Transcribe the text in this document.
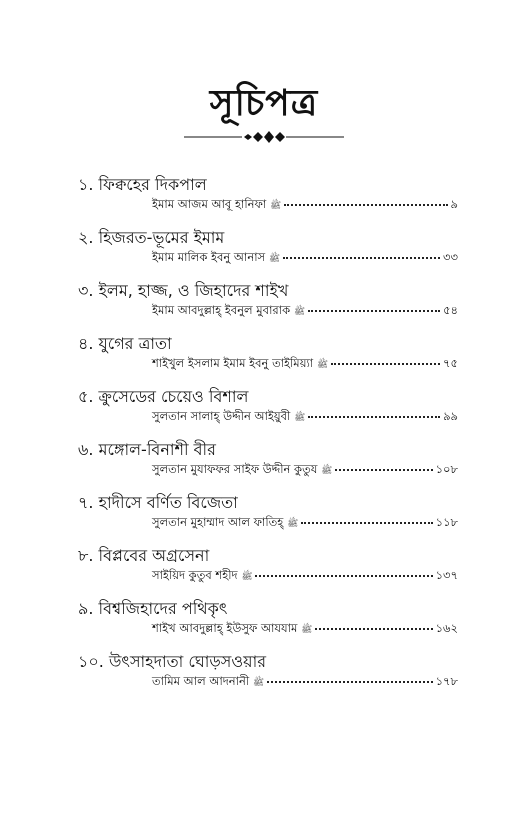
সূচিপত্র
১. ফিক্বহের দিকপাল
ইমাম আজম আবূ হানিফা ﷺ	৯
২. হিজরত-ভূমের ইমাম
ইমাম মালিক ইবনু আনাস ﷺ	৩৩
৩. ইলম, হাজ্জ, ও জিহাদের শাইখ
ইমাম আবদুল্লাহ্ ইবনুল মুবারাক ﷺ	৫৪
৪. যুগের ত্রাতা
শাইখুল ইসলাম ইমাম ইবনু তাইমিয়্যা ﷺ	৭৫
৫. ক্রুসেডের চেয়েও বিশাল
সুলতান সালাহ্ উদ্দীন আইয়ুবী ﷺ	৯৯
৬. মঙ্গোল-বিনাশী বীর
সুলতান মুযাফফর সাইফ উদ্দীন কুতুয ﷺ	১০৮
৭. হাদীসে বর্ণিত বিজেতা
সুলতান মুহাম্মাদ আল ফাতিহ্ ﷺ	১১৮
৮. বিপ্লবের অগ্রসেনা
সাইয়িদ কুতুব শহীদ ﷺ	১৩৭
৯. বিশ্বজিহাদের পথিকৃৎ
শাইখ আবদুল্লাহ্ ইউসুফ আযযাম ﷺ	১৬২
১০. উৎসাহদাতা ঘোড়সওয়ার
তামিম আল আদনানী ﷺ	১৭৮
